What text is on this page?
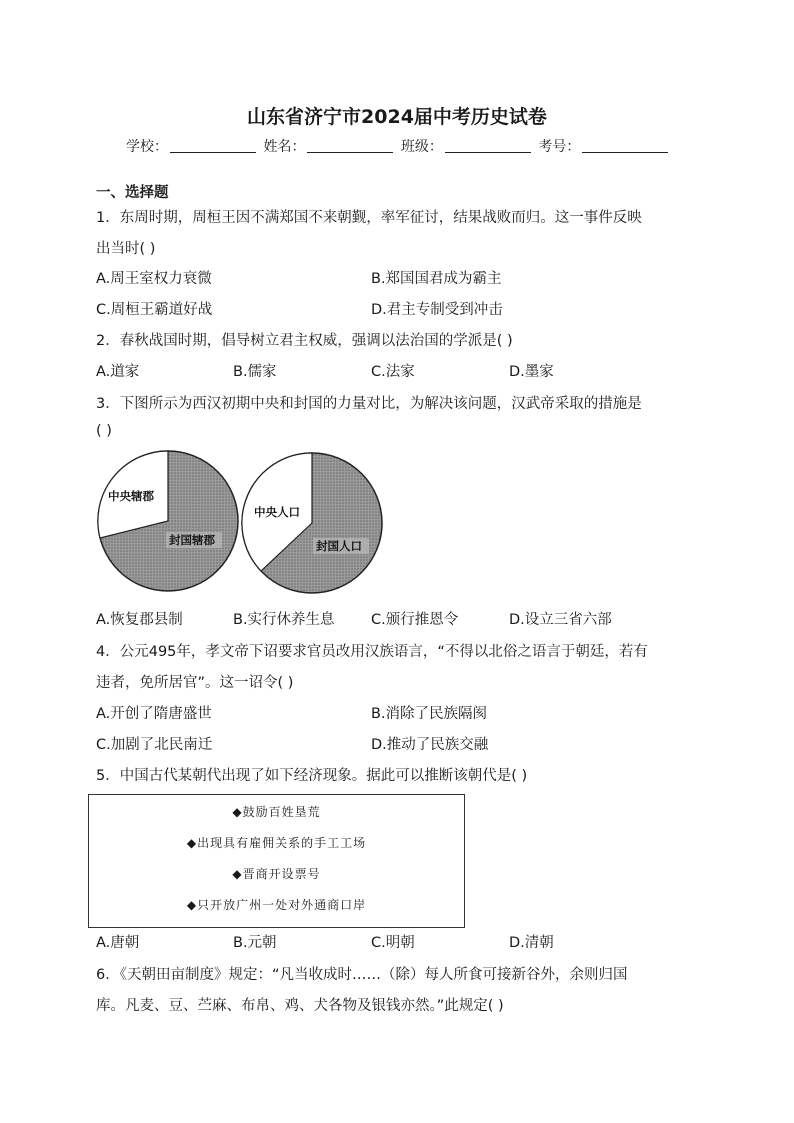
山东省济宁市2024届中考历史试卷
学校：	姓名：	班级：	考号：
一、选择题
1．东周时期，周桓王因不满郑国不来朝觐，率军征讨，结果战败而归。这一事件反映
出当时( )
A.周王室权力衰微	B.郑国国君成为霸主
C.周桓王霸道好战	D.君主专制受到冲击
2．春秋战国时期，倡导树立君主权威，强调以法治国的学派是( )
A.道家	B.儒家	C.法家	D.墨家
3．下图所示为西汉初期中央和封国的力量对比，为解决该问题，汉武帝采取的措施是
( )
中央辖郡
封国辖郡
中央人口
封国人口
A.恢复郡县制	B.实行休养生息	C.颁行推恩令	D.设立三省六部
4．公元495年，孝文帝下诏要求官员改用汉族语言，“不得以北俗之语言于朝廷，若有
违者，免所居官”。这一诏令( )
A.开创了隋唐盛世	B.消除了民族隔阂
C.加剧了北民南迁	D.推动了民族交融
5．中国古代某朝代出现了如下经济现象。据此可以推断该朝代是( )
◆鼓励百姓垦荒
◆出现具有雇佣关系的手工工场
◆晋商开设票号
◆只开放广州一处对外通商口岸
A.唐朝	B.元朝	C.明朝	D.清朝
6．《天朝田亩制度》规定：“凡当收成时……（除）每人所食可接新谷外，余则归国
库。凡麦、豆、苎麻、布帛、鸡、犬各物及银钱亦然。”此规定( )
